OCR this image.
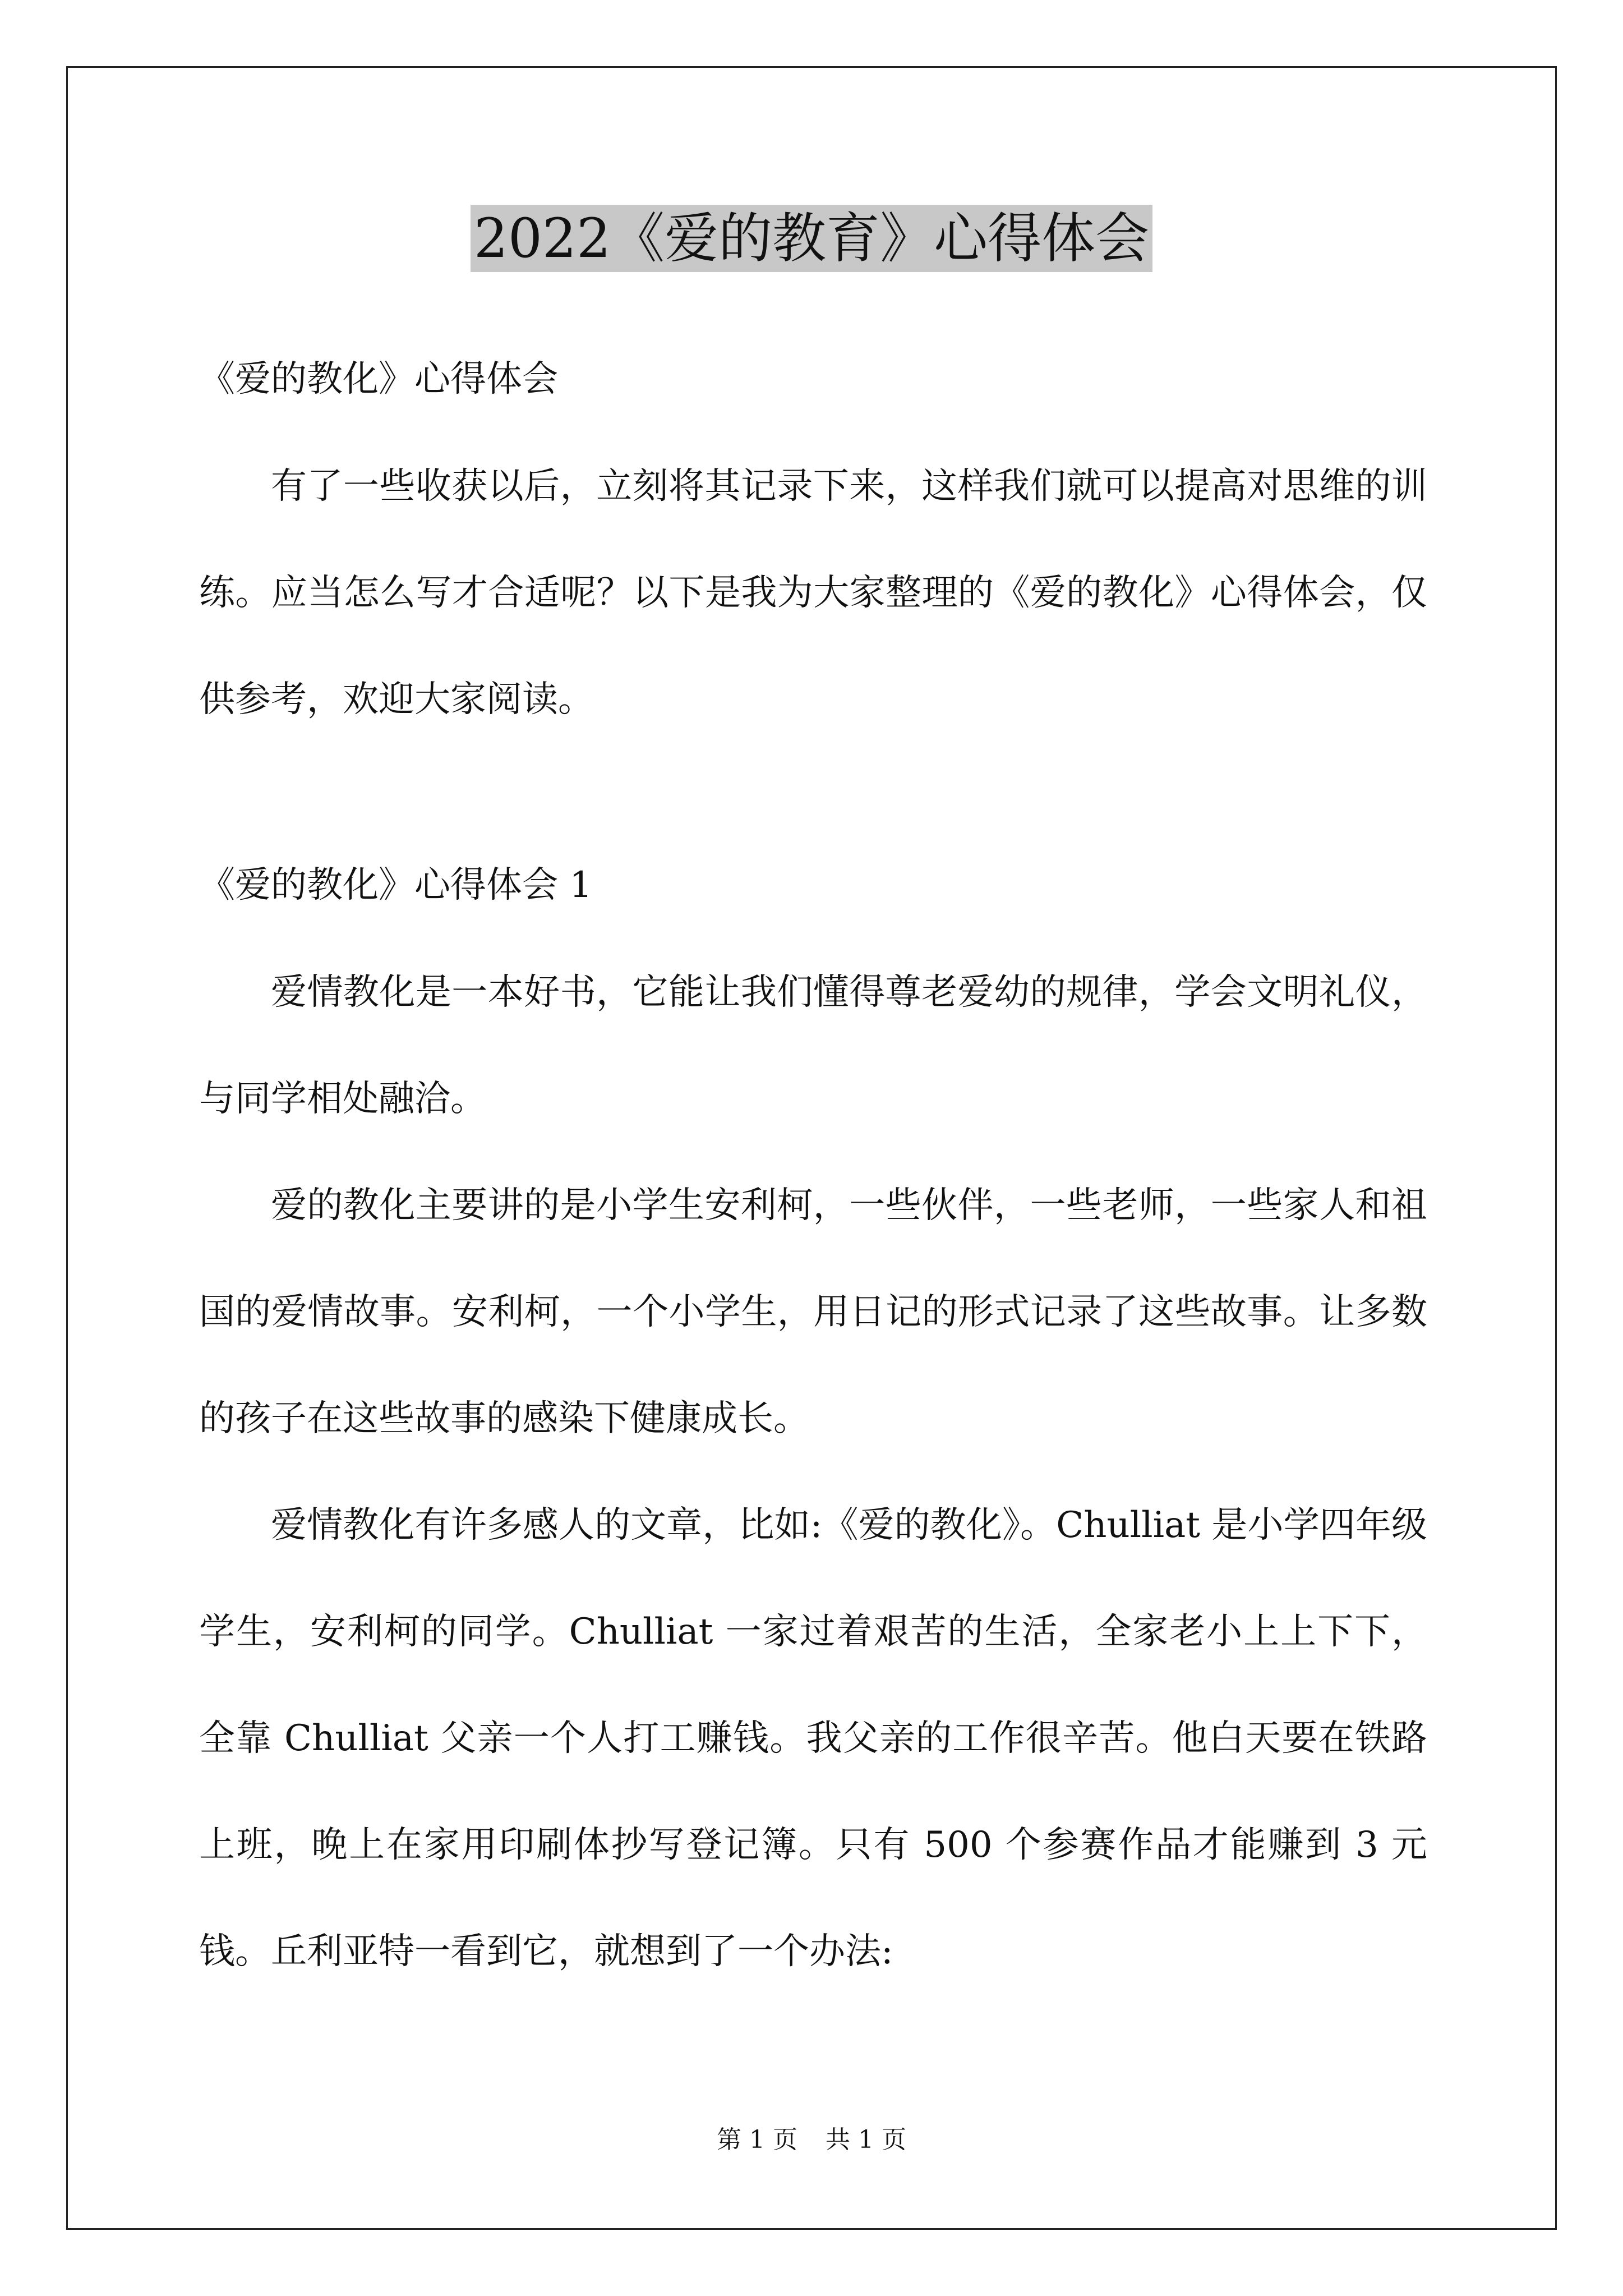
2022《爱的教育》心得体会

《爱的教化》心得体会

有了一些收获以后，立刻将其记录下来，这样我们就可以提高对思维的训练。应当怎么写才合适呢？以下是我为大家整理的《爱的教化》心得体会，仅供参考，欢迎大家阅读。

《爱的教化》心得体会 1

爱情教化是一本好书，它能让我们懂得尊老爱幼的规律，学会文明礼仪，与同学相处融洽。

爱的教化主要讲的是小学生安利柯，一些伙伴，一些老师，一些家人和祖国的爱情故事。安利柯，一个小学生，用日记的形式记录了这些故事。让多数的孩子在这些故事的感染下健康成长。

爱情教化有许多感人的文章，比如:《爱的教化》。Chulliat 是小学四年级学生，安利柯的同学。Chulliat 一家过着艰苦的生活，全家老小上上下下，全靠 Chulliat 父亲一个人打工赚钱。我父亲的工作很辛苦。他白天要在铁路上班，晚上在家用印刷体抄写登记簿。只有 500 个参赛作品才能赚到 3 元钱。丘利亚特一看到它，就想到了一个办法:

第 1 页 共 1 页
